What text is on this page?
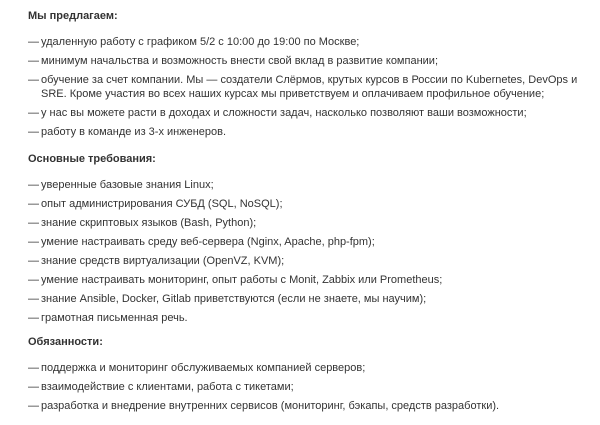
Мы предлагаем:
— удаленную работу с графиком 5/2 с 10:00 до 19:00 по Москве;
— минимум начальства и возможность внести свой вклад в развитие компании;
— обучение за счет компании. Мы — создатели Слёрмов, крутых курсов в России по Kubernetes, DevOps и SRE. Кроме участия во всех наших курсах мы приветствуем и оплачиваем профильное обучение;
— у нас вы можете расти в доходах и сложности задач, насколько позволяют ваши возможности;
— работу в команде из 3-х инженеров.
Основные требования:
— уверенные базовые знания Linux;
— опыт администрирования СУБД (SQL, NoSQL);
— знание скриптовых языков (Bash, Python);
— умение настраивать среду веб-сервера (Nginx, Apache, php-fpm);
— знание средств виртуализации (OpenVZ, KVM);
— умение настраивать мониторинг, опыт работы с Monit, Zabbix или Prometheus;
— знание Ansible, Docker, Gitlab приветствуются (если не знаете, мы научим);
— грамотная письменная речь.
Обязанности:
— поддержка и мониторинг обслуживаемых компанией серверов;
— взаимодействие с клиентами, работа с тикетами;
— разработка и внедрение внутренних сервисов (мониторинг, бэкапы, средств разработки).
